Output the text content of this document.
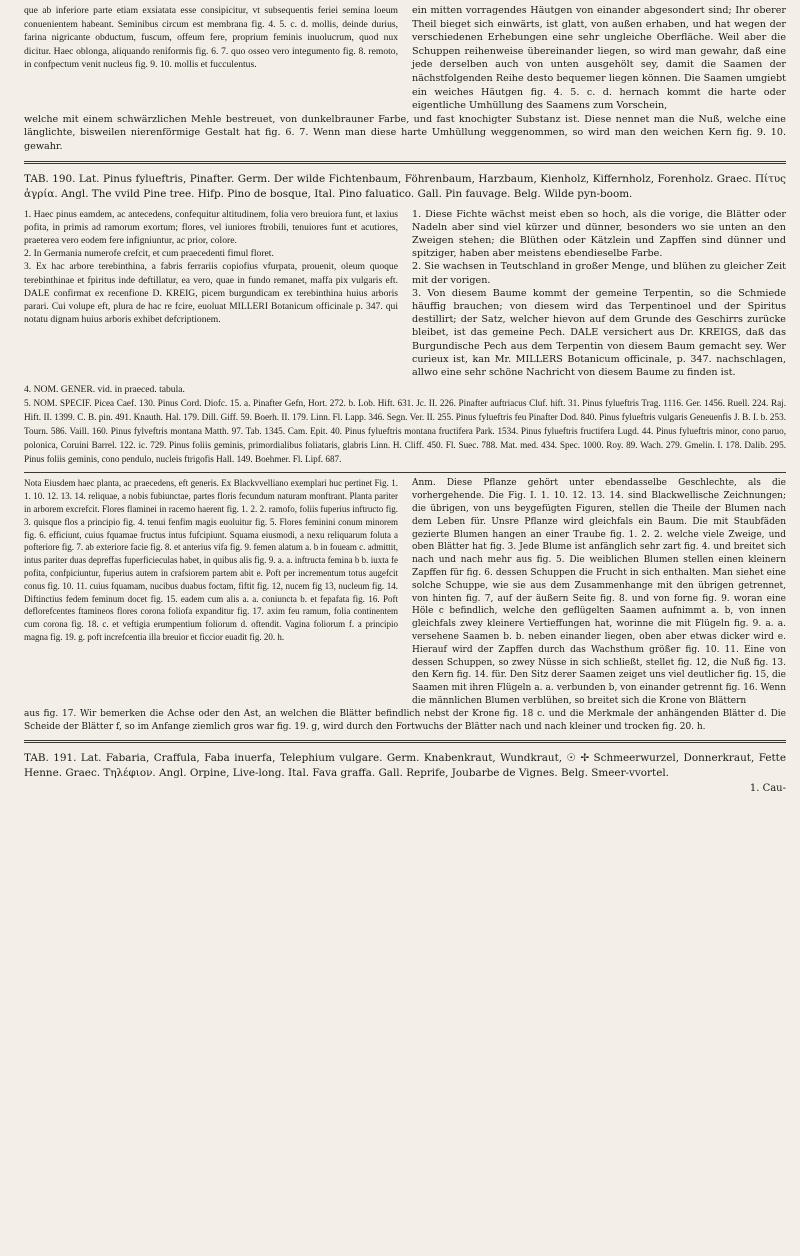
que ab inferiore parte etiam exsiatata esse consipicitur, vt subsequentis feriei semina loeum conuenientem habeant. Seminibus circum est membrana fig. 4. 5. c. d. mollis, deinde durius, farina nigricante obductum, fuscum, offeum fere, proprium feminis inuolucrum, quod nux dicitur. Haec oblonga, aliquando reniformis fig. 6. 7. quo osseo vero integumento fig. 8. remoto, in confpectum venit nucleus fig. 9. 10. mollis et fucculentus.

ein mitten vorragendes Häutgen von einander abgesondert sind; Ihr oberer Theil bieget sich einwärts, ist glatt, von außen erhaben, und hat wegen der verschiedenen Erhebungen eine sehr ungleiche Oberfläche. Weil aber die Schuppen reihenweise übereinander liegen, so wird man gewahr, daß eine jede derselben auch von unten ausgehölt sey, damit die Saamen der nächstfolgenden Reihe desto bequemer liegen können. Die Saamen umgiebt ein weiches Häutgen fig. 4. 5. c. d. hernach kommt die harte oder eigentliche Umhüllung des Saamens zum Vorschein,

welche mit einem schwärzlichen Mehle bestreuet, von dunkelbrauner Farbe, und fast knochigter Substanz ist. Diese nennet man die Nuß, welche eine länglichte, bisweilen nierenförmige Gestalt hat fig. 6. 7. Wenn man diese harte Umhüllung weggenommen, so wird man den weichen Kern fig. 9. 10. gewahr.

TAB. 190. Lat. Pinus fylueftris, Pinafter. Germ. Der wilde Fichtenbaum, Föhrenbaum, Harzbaum, Kienholz, Kiffernholz, Forenholz. Graec. Πίτυς ἀγρία. Angl. The vvild Pine tree. Hifp. Pino de bosque, Ital. Pino faluatico. Gall. Pin fauvage. Belg. Wilde pyn-boom.

1. Haec pinus eamdem, ac antecedens, confequitur altitudinem, folia vero breuiora funt, et laxius pofita, in primis ad ramorum exortum; flores, vel iuniores ftrobili, tenuiores funt et acutiores, praeterea vero eodem fere infigniuntur, ac prior, colore.

2. In Germania numerofe crefcit, et cum praecedenti fimul floret.

3. Ex hac arbore terebinthina, a fabris ferrariis copiofius vfurpata, prouenit, oleum quoque terebinthinae et fpiritus inde deftillatur, ea vero, quae in fundo remanet, maffa pix vulgaris eft. DALE confirmat ex recenfione D. KREIG, picem burgundicam ex terebinthina huius arboris parari. Cui volupe eft, plura de hac re fcire, euoluat MILLERI Botanicum officinale p. 347. qui notatu dignam huius arboris exhibet defcriptionem.

1. Diese Fichte wächst meist eben so hoch, als die vorige, die Blätter oder Nadeln aber sind viel kürzer und dünner, besonders wo sie unten an den Zweigen stehen; die Blüthen oder Kätzlein und Zapffen sind dünner und spitziger, haben aber meistens ebendieselbe Farbe.

2. Sie wachsen in Teutschland in großer Menge, und blühen zu gleicher Zeit mit der vorigen.

3. Von diesem Baume kommt der gemeine Terpentin, so die Schmiede häuffig brauchen; von diesem wird das Terpentinoel und der Spiritus destillirt; der Satz, welcher hievon auf dem Grunde des Geschirrs zurücke bleibet, ist das gemeine Pech. DALE versichert aus Dr. KREIGS, daß das Burgundische Pech aus dem Terpentin von diesem Baum gemacht sey. Wer curieux ist, kan Mr. MILLERS Botanicum officinale, p. 347. nachschlagen, allwo eine sehr schöne Nachricht von diesem Baume zu finden ist.

4. NOM. GENER. vid. in praeced. tabula.

5. NOM. SPECIF. Picea Caef. 130. Pinus Cord. Diofc. 15. a. Pinafter Gefn, Hort. 272. b. Lob. Hift. 631. Jc. II. 226. Pinafter auftriacus Cluf. hift. 31. Pinus fylueftris Trag. 1116. Ger. 1456. Ruell. 224. Raj. Hift. II. 1399. C. B. pin. 491. Knauth. Hal. 179. Dill. Giff. 59. Boerh. II. 179. Linn. Fl. Lapp. 346. Segn. Ver. II. 255. Pinus fylueftris feu Pinafter Dod. 840. Pinus fylueftris vulgaris Geneuenfis J. B. I. b. 253. Tourn. 586. Vaill. 160. Pinus fylveftris montana Matth. 97. Tab. 1345. Cam. Epit. 40. Pinus fylueftris montana fructifera Park. 1534. Pinus fylueftris fructifera Lugd. 44. Pinus fylueftris minor, cono paruo, polonica, Coruini Barrel. 122. ic. 729. Pinus foliis geminis, primordialibus foliataris, glabris Linn. H. Cliff. 450. Fl. Suec. 788. Mat. med. 434. Spec. 1000. Roy. 89. Wach. 279. Gmelin. I. 178. Dalib. 295. Pinus foliis geminis, cono pendulo, nucleis ftrigofis Hall. 149. Boehmer. Fl. Lipf. 687.

Nota Eiusdem haec planta, ac praecedens, eft generis. Ex Blackvvelliano exemplari huc pertinet Fig. 1. 1. 10. 12. 13. 14. reliquae, a nobis fubiunctae, partes floris fecundum naturam monftrant. Planta pariter in arborem excrefcit. Flores flaminei in racemo haerent fig. 1. 2. 2. ramofo, foliis fuperius inftructo fig. 3. quisque flos a principio fig. 4. tenui fenfim magis euoluitur fig. 5. Flores feminini conum minorem fig. 6. efficiunt, cuius fquamae fructus intus fufcipiunt. Squama eiusmodi, a nexu reliquarum foluta a pofteriore fig. 7. ab exteriore facie fig. 8. et anterius vifa fig. 9. femen alatum a. b in foueam c. admittit, intus pariter duas depreffas fuperficieculas habet, in quibus alis fig. 9. a. a. inftructa femina b b. iuxta fe pofita, confpiciuntur, fuperius autem in crafsiorem partem abit e. Poft per incrementum totus augefcit conus fig. 10. 11. cuius fquamam, nucibus duabus foctam, fiftit fig. 12, nucem fig 13, nucleum fig. 14. Diftinctius fedem feminum docet fig. 15. eadem cum alis a. a. coniuncta b. et fepafata fig. 16. Poft deflorefcentes ftamineos flores corona foliofa expanditur fig. 17. axim feu ramum, folia continentem cum corona fig. 18. c. et veftigia erumpentium foliorum d. oftendit. Vagina foliorum f. a principio magna fig. 19. g. poft increfcentia illa breuior et ficcior euadit fig. 20. h.

Anm. Diese Pflanze gehört unter ebendasselbe Geschlechte, als die vorhergehende. Die Fig. I. 1. 10. 12. 13. 14. sind Blackwellische Zeichnungen; die übrigen, von uns beygefügten Figuren, stellen die Theile der Blumen nach dem Leben für. Unsre Pflanze wird gleichfals ein Baum. Die mit Staubfäden gezierte Blumen hangen an einer Traube fig. 1. 2. 2. welche viele Zweige, und oben Blätter hat fig. 3. Jede Blume ist anfänglich sehr zart fig. 4. und breitet sich nach und nach mehr aus fig. 5. Die weiblichen Blumen stellen einen kleinern Zapffen für fig. 6. dessen Schuppen die Frucht in sich enthalten. Man siehet eine solche Schuppe, wie sie aus dem Zusammenhange mit den übrigen getrennet, von hinten fig. 7, auf der äußern Seite fig. 8. und von forne fig. 9. woran eine Höle c befindlich, welche den geflügelten Saamen aufnimmt a. b, von innen gleichfals zwey kleinere Vertieffungen hat, worinne die mit Flügeln fig. 9. a. a. versehene Saamen b. b. neben einander liegen, oben aber etwas dicker wird e. Hierauf wird der Zapffen durch das Wachsthum größer fig. 10. 11. Eine von dessen Schuppen, so zwey Nüsse in sich schließt, stellet fig. 12, die Nuß fig. 13. den Kern fig. 14. für. Den Sitz derer Saamen zeiget uns viel deutlicher fig. 15, die Saamen mit ihren Flügeln a. a. verbunden b, von einander getrennt fig. 16. Wenn die männlichen Blumen verblühen, so breitet sich die Krone von Blättern

aus fig. 17. Wir bemerken die Achse oder den Ast, an welchen die Blätter befindlich nebst der Krone fig. 18 c. und die Merkmale der anhängenden Blätter d. Die Scheide der Blätter f, so im Anfange ziemlich gros war fig. 19. g, wird durch den Fortwuchs der Blätter nach und nach kleiner und trocken fig. 20. h.

TAB. 191. Lat. Fabaria, Craffula, Faba inuerfa, Telephium vulgare. Germ. Knabenkraut, Wundkraut, ☉ ✢ Schmeerwurzel, Donnerkraut, Fette Henne. Graec. Τηλέφιον. Angl. Orpine, Live-long. Ital. Fava graffa. Gall. Reprife, Joubarbe de Vignes. Belg. Smeer-vvortel.

1. Cau-
